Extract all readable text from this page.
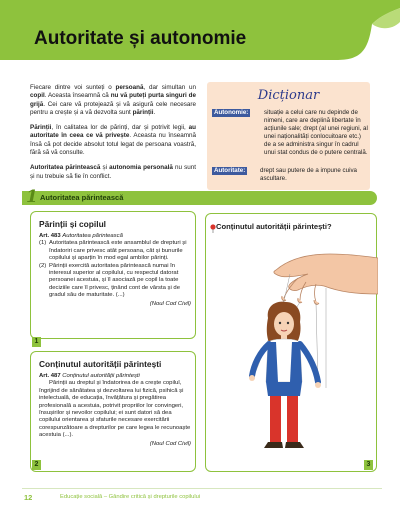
Autoritate și autonomie

Fiecare dintre voi sunteți o persoană, dar simultan un copil. Aceasta înseamnă că nu vă puteți purta singuri de grijă. Cei care vă protejează și vă asigură cele necesare pentru a crește și a vă dezvolta sunt părinții.

Părinții, în calitatea lor de părinți, dar și potrivit legii, au autoritate în ceea ce vă privește. Aceasta nu înseamnă însă că pot decide absolut totul legat de persoana voastră, fără să vă consulte.

Autoritatea părintească și autonomia personală nu sunt și nu trebuie să fie în conflict.

Dicționar
Autonomie:	situație a celui care nu depinde de nimeni, care are deplină libertate în acțiunile sale; drept (al unei regiuni, al unei naționalități conlocuitoare etc.) de a se administra singur în cadrul unui stat condus de o putere centrală.
Autoritate: drept sau putere de a impune cuiva ascultare.
1 Autoritatea părintească
Părinții și copilul
Art. 483 Autoritatea părintească
(1) Autoritatea părintească este ansamblul de drepturi și îndatoriri care privesc atât persoana, cât și bunurile copilului și aparțin în mod egal ambilor părinți.
(2) Părinții exercită autoritatea părintească numai în interesul superior al copilului, cu respectul datorat persoanei acestuia, și îl asociază pe copil la toate deciziile care îl privesc, ținând cont de vârsta și de gradul său de maturitate. (...)
(Noul Cod Civil)
1
Conținutul autorității părintești
Art. 487 Conținutul autorității părintești
Părinții au dreptul și îndatorirea de a crește copilul, îngrijind de sănătatea și dezvoltarea lui fizică, psihică și intelectuală, de educația, învățătura și pregătirea profesională a acestuia, potrivit propriilor lor convingeri, însușirilor și nevoilor copilului; ei sunt datori să dea copilului orientarea și sfaturile necesare exercitării corespunzătoare a drepturilor pe care legea le recunoaște acestuia (...).
(Noul Cod Civil)
2
Conținutul autorității părintești?
3
12	Educație socială – Gândire critică și drepturile copilului
